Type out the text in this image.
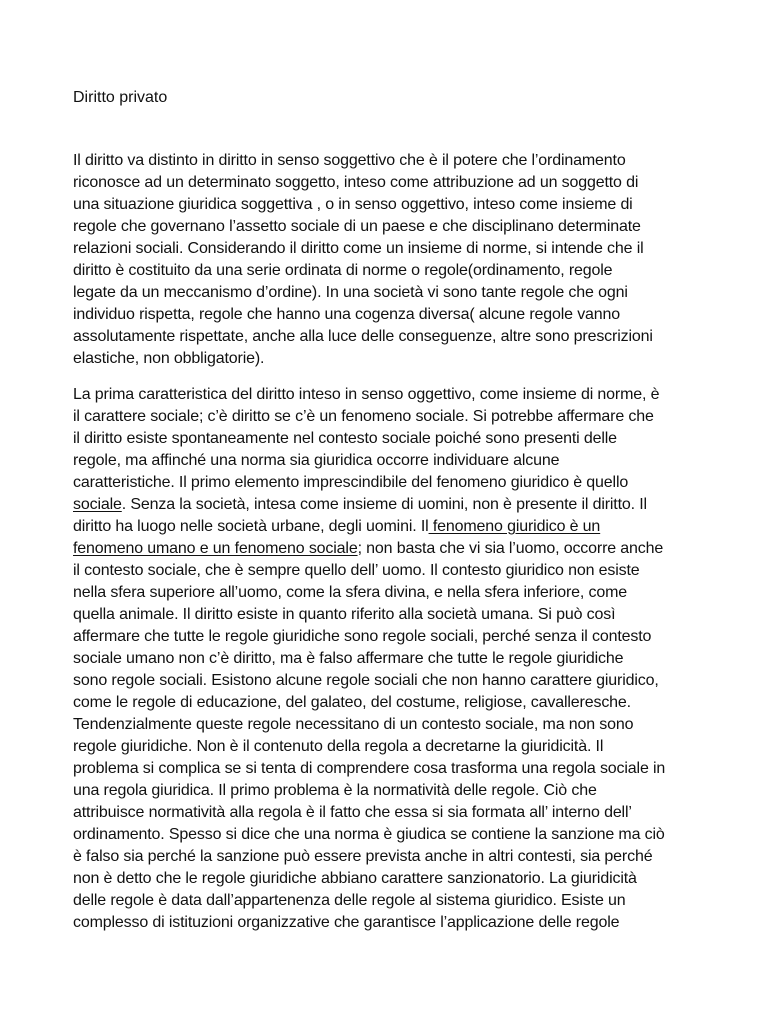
Diritto privato
Il diritto va distinto in diritto in senso soggettivo che è il potere che l’ordinamento
riconosce ad un determinato soggetto, inteso come attribuzione ad un soggetto di
una situazione giuridica soggettiva , o in senso oggettivo, inteso come insieme di
regole che governano l’assetto sociale di un paese e che disciplinano determinate
relazioni sociali. Considerando il diritto come un insieme di norme, si intende che il
diritto è costituito da una serie ordinata di norme o regole(ordinamento, regole
legate da un meccanismo d’ordine). In una società vi sono tante regole che ogni
individuo rispetta, regole che hanno una cogenza diversa( alcune regole vanno
assolutamente rispettate, anche alla luce delle conseguenze, altre sono prescrizioni
elastiche, non obbligatorie).
La prima caratteristica del diritto inteso in senso oggettivo, come insieme di norme, è
il carattere sociale; c’è diritto se c’è un fenomeno sociale. Si potrebbe affermare che
il diritto esiste spontaneamente nel contesto sociale poiché sono presenti delle
regole, ma affinché una norma sia giuridica occorre individuare alcune
caratteristiche. Il primo elemento imprescindibile del fenomeno giuridico è quello
sociale. Senza la società, intesa come insieme di uomini, non è presente il diritto. Il
diritto ha luogo nelle società urbane, degli uomini. Il fenomeno giuridico è un
fenomeno umano e un fenomeno sociale; non basta che vi sia l’uomo, occorre anche
il contesto sociale, che è sempre quello dell’ uomo. Il contesto giuridico non esiste
nella sfera superiore all’uomo, come la sfera divina, e nella sfera inferiore, come
quella animale. Il diritto esiste in quanto riferito alla società umana. Si può così
affermare che tutte le regole giuridiche sono regole sociali, perché senza il contesto
sociale umano non c’è diritto, ma è falso affermare che tutte le regole giuridiche
sono regole sociali. Esistono alcune regole sociali che non hanno carattere giuridico,
come le regole di educazione, del galateo, del costume, religiose, cavalleresche.
Tendenzialmente queste regole necessitano di un contesto sociale, ma non sono
regole giuridiche. Non è il contenuto della regola a decretarne la giuridicità. Il
problema si complica se si tenta di comprendere cosa trasforma una regola sociale in
una regola giuridica. Il primo problema è la normatività delle regole. Ciò che
attribuisce normatività alla regola è il fatto che essa si sia formata all’ interno dell’
ordinamento. Spesso si dice che una norma è giudica se contiene la sanzione ma ciò
è falso sia perché la sanzione può essere prevista anche in altri contesti, sia perché
non è detto che le regole giuridiche abbiano carattere sanzionatorio. La giuridicità
delle regole è data dall’appartenenza delle regole al sistema giuridico. Esiste un
complesso di istituzioni organizzative che garantisce l’applicazione delle regole
